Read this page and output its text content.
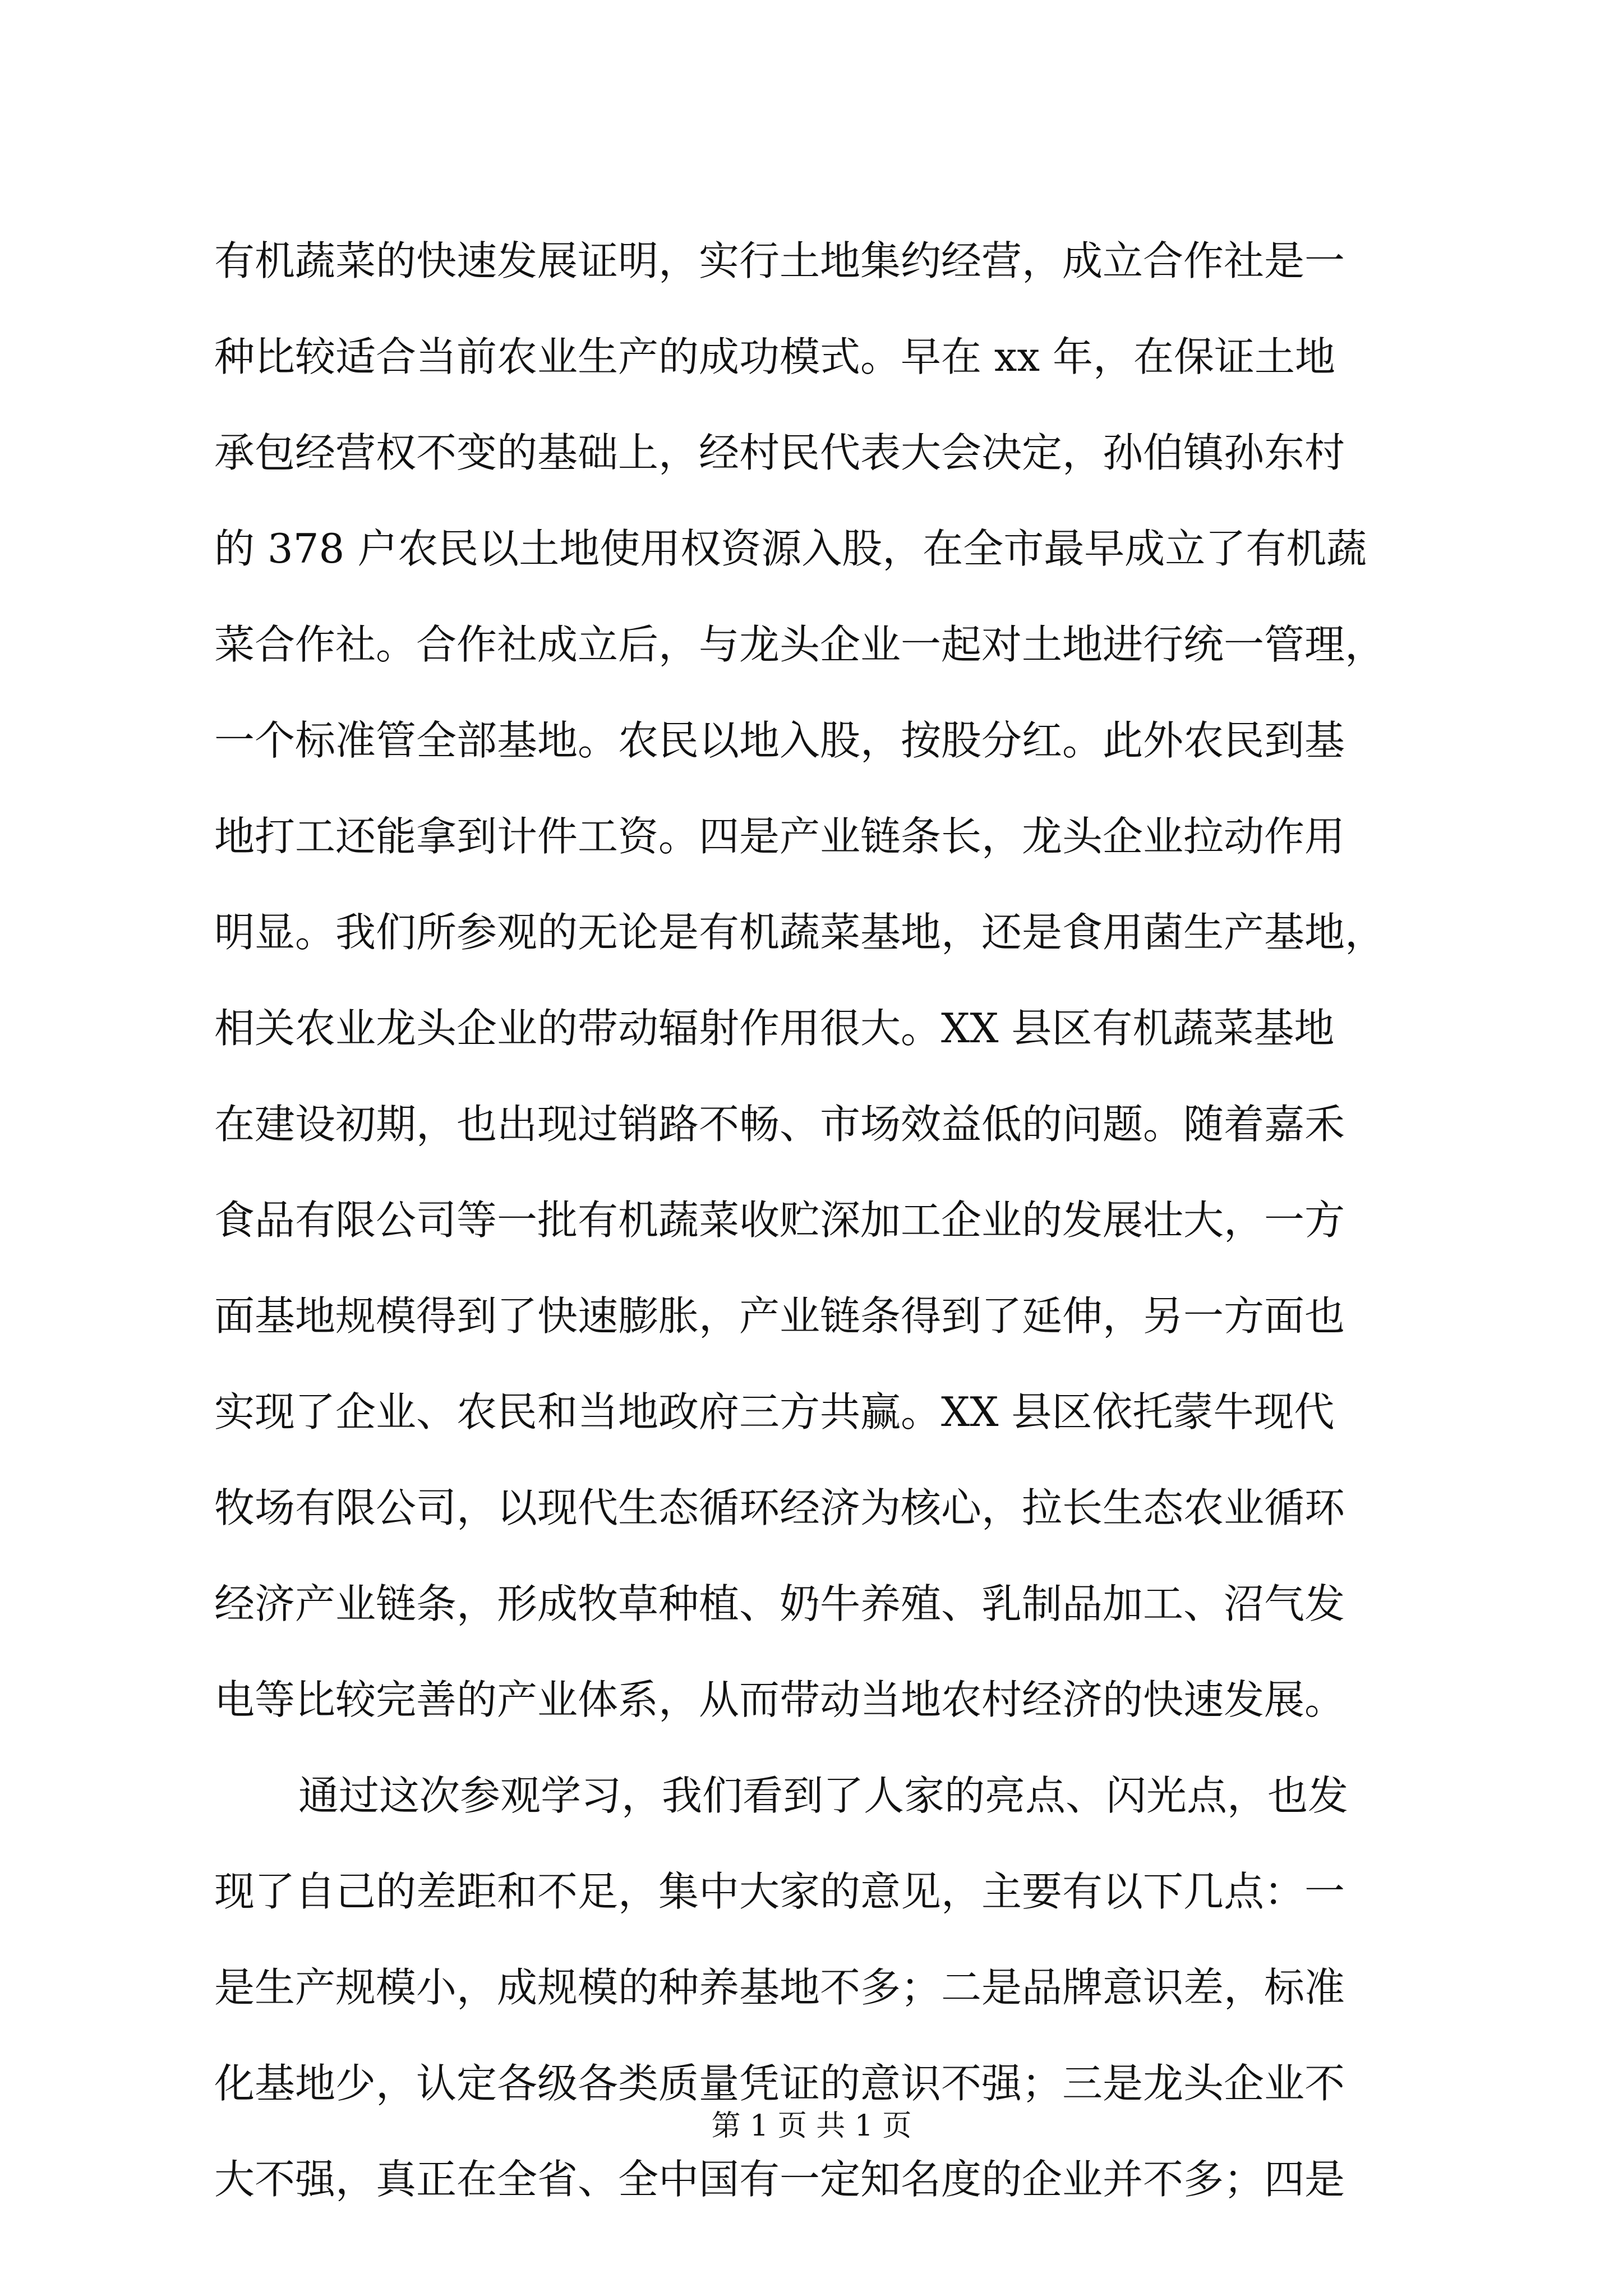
有机蔬菜的快速发展证明，实行土地集约经营，成立合作社是一
种比较适合当前农业生产的成功模式。早在 xx 年，在保证土地
承包经营权不变的基础上，经村民代表大会决定，孙伯镇孙东村
的 378 户农民以土地使用权资源入股，在全市最早成立了有机蔬
菜合作社。合作社成立后，与龙头企业一起对土地进行统一管理，
一个标准管全部基地。农民以地入股，按股分红。此外农民到基
地打工还能拿到计件工资。四是产业链条长，龙头企业拉动作用
明显。我们所参观的无论是有机蔬菜基地，还是食用菌生产基地，
相关农业龙头企业的带动辐射作用很大。XX 县区有机蔬菜基地
在建设初期，也出现过销路不畅、市场效益低的问题。随着嘉禾
食品有限公司等一批有机蔬菜收贮深加工企业的发展壮大，一方
面基地规模得到了快速膨胀，产业链条得到了延伸，另一方面也
实现了企业、农民和当地政府三方共赢。XX 县区依托蒙牛现代
牧场有限公司，以现代生态循环经济为核心，拉长生态农业循环
经济产业链条，形成牧草种植、奶牛养殖、乳制品加工、沼气发
电等比较完善的产业体系，从而带动当地农村经济的快速发展。
通过这次参观学习，我们看到了人家的亮点、闪光点，也发
现了自己的差距和不足，集中大家的意见，主要有以下几点：一
是生产规模小，成规模的种养基地不多；二是品牌意识差，标准
化基地少，认定各级各类质量凭证的意识不强；三是龙头企业不
大不强，真正在全省、全中国有一定知名度的企业并不多；四是
第 1 页 共 1 页
